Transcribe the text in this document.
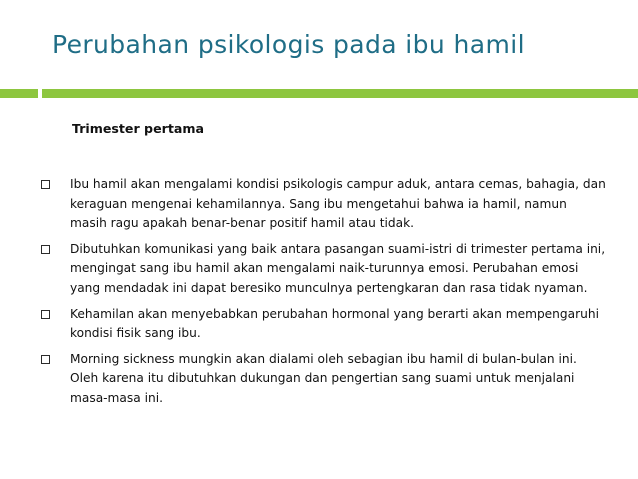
Perubahan psikologis pada ibu hamil
Trimester pertama
Ibu hamil akan mengalami kondisi psikologis campur aduk, antara cemas, bahagia, dan keraguan mengenai kehamilannya. Sang ibu mengetahui bahwa ia hamil, namun masih ragu apakah benar-benar positif hamil atau tidak.
Dibutuhkan komunikasi yang baik antara pasangan suami-istri di trimester pertama ini, mengingat sang ibu hamil akan mengalami naik-turunnya emosi. Perubahan emosi yang mendadak ini dapat beresiko munculnya pertengkaran dan rasa tidak nyaman.
Kehamilan akan menyebabkan perubahan hormonal yang berarti akan mempengaruhi kondisi fisik sang ibu.
Morning sickness mungkin akan dialami oleh sebagian ibu hamil di bulan-bulan ini. Oleh karena itu dibutuhkan dukungan dan pengertian sang suami untuk menjalani masa-masa ini.
